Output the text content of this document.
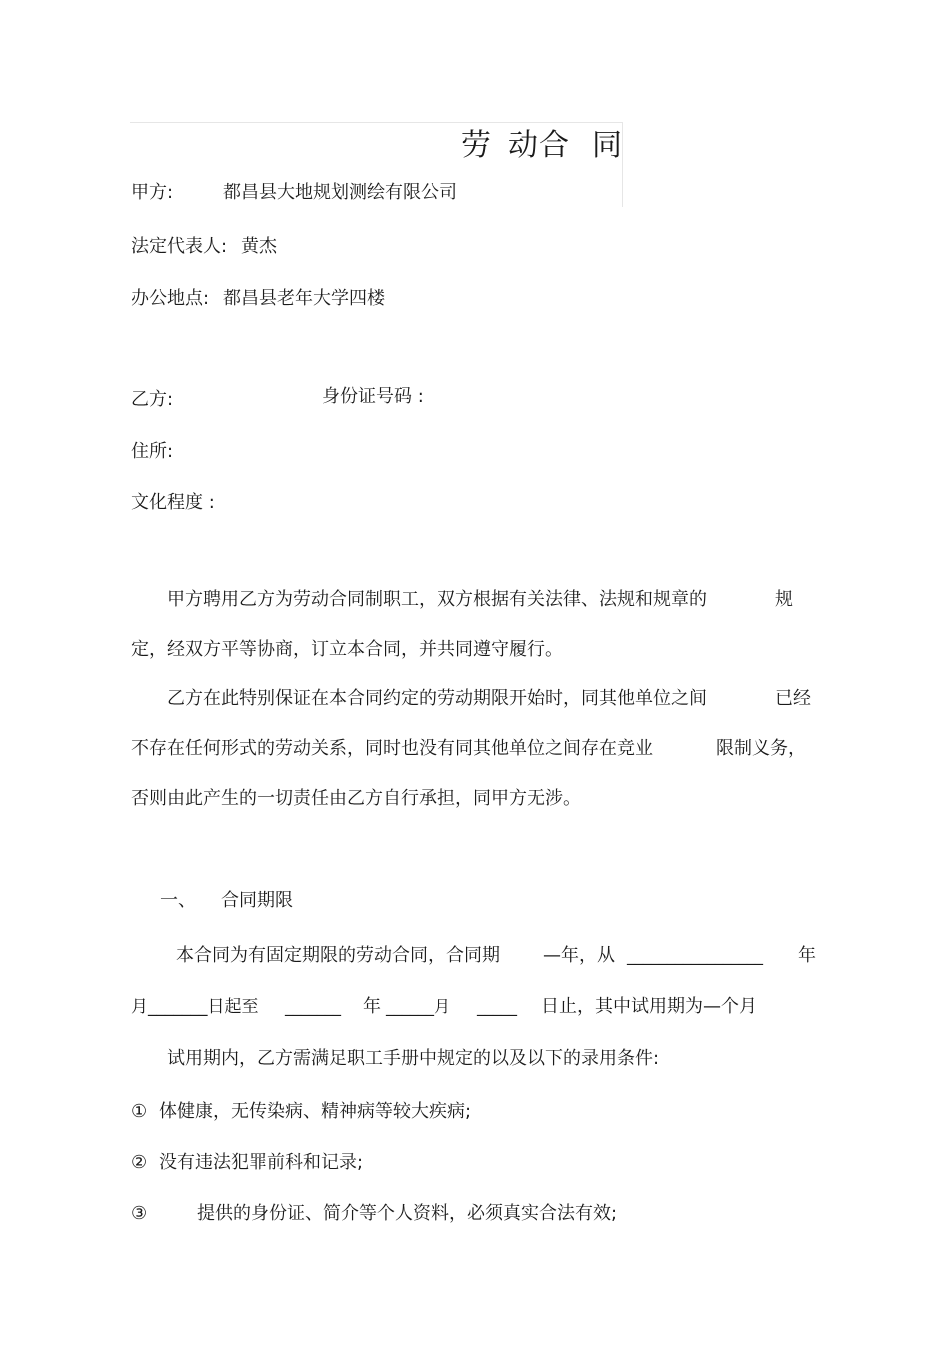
劳 动合 同
甲方:	都昌县大地规划测绘有限公司
法定代表人: 黄杰
办公地点: 都昌县老年大学四楼
乙方:	身份证号码 :
住所:
文化程度 :
甲方聘用乙方为劳动合同制职工，双方根据有关法律、法规和规章的	规
定，经双方平等协商，订立本合同，并共同遵守履行。
乙方在此特别保证在本合同约定的劳动期限开始时，同其他单位之间	已经
不存在任何形式的劳动关系，同时也没有同其他单位之间存在竞业	限制义务，
否则由此产生的一切责任由乙方自行承担，同甲方无涉。
一、 合同期限
本合同为有固定期限的劳动合同，合同期 —年，从 _________________ 年
月_______日起至 _______ 年 ______月 _____ 日止，其中试用期为—个月
试用期内，乙方需满足职工手册中规定的以及以下的录用条件:
① 体健康，无传染病、精神病等较大疾病;
② 没有违法犯罪前科和记录;
③	提供的身份证、简介等个人资料，必须真实合法有效;
